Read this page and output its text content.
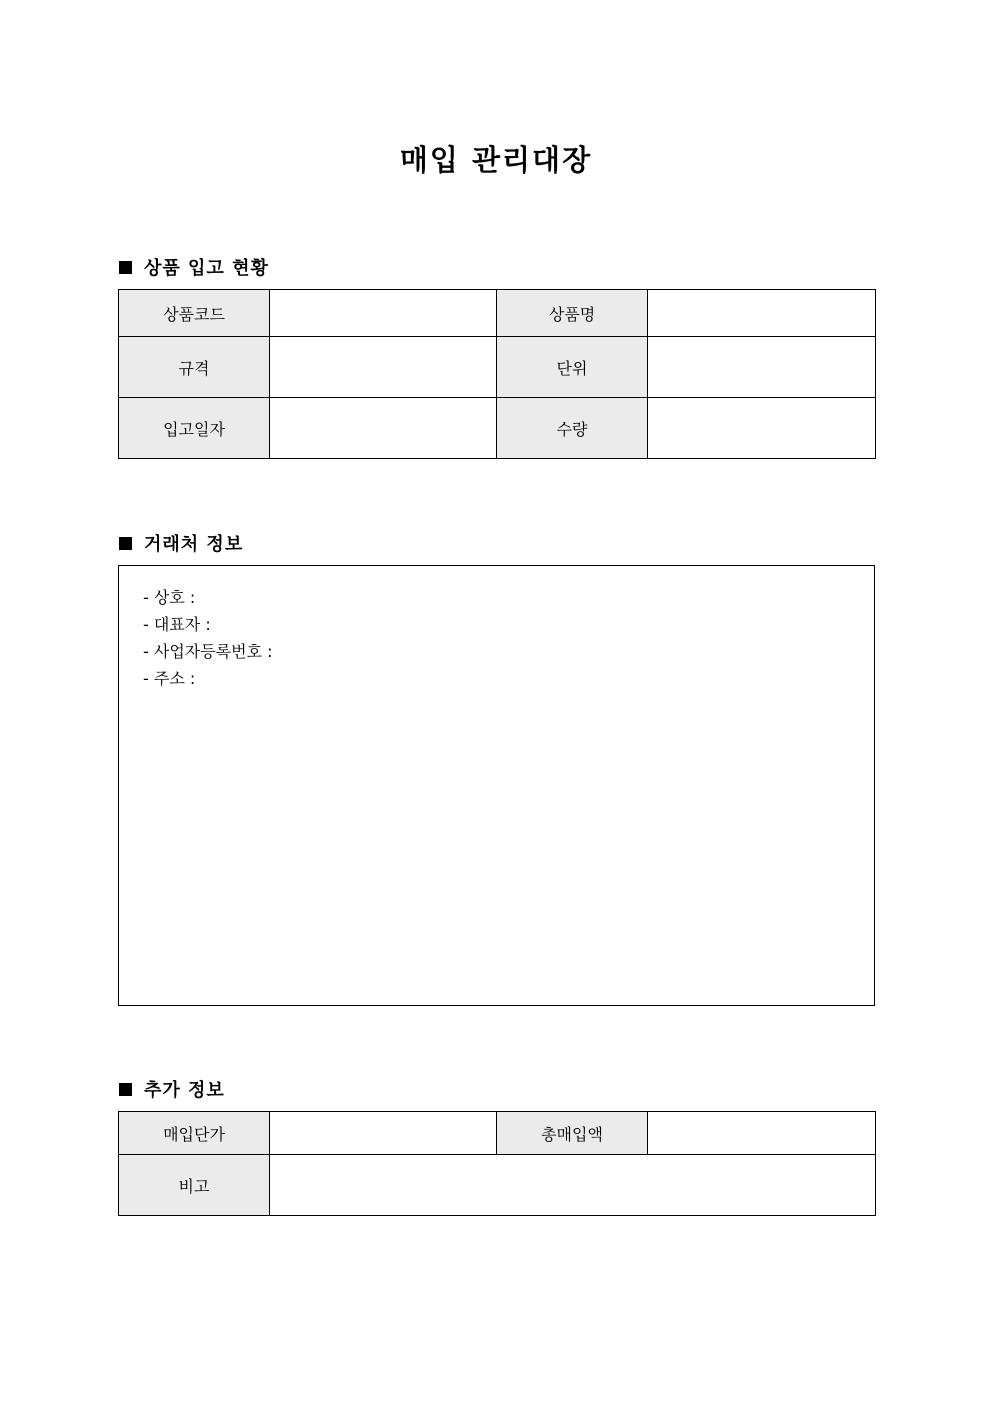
매입 관리대장
상품 입고 현황
상품코드		상품명	
규격		단위	
입고일자		수량	
거래처 정보
- 상호 :
- 대표자 :
- 사업자등록번호 :
- 주소 :
추가 정보
매입단가		총매입액	
비고			
